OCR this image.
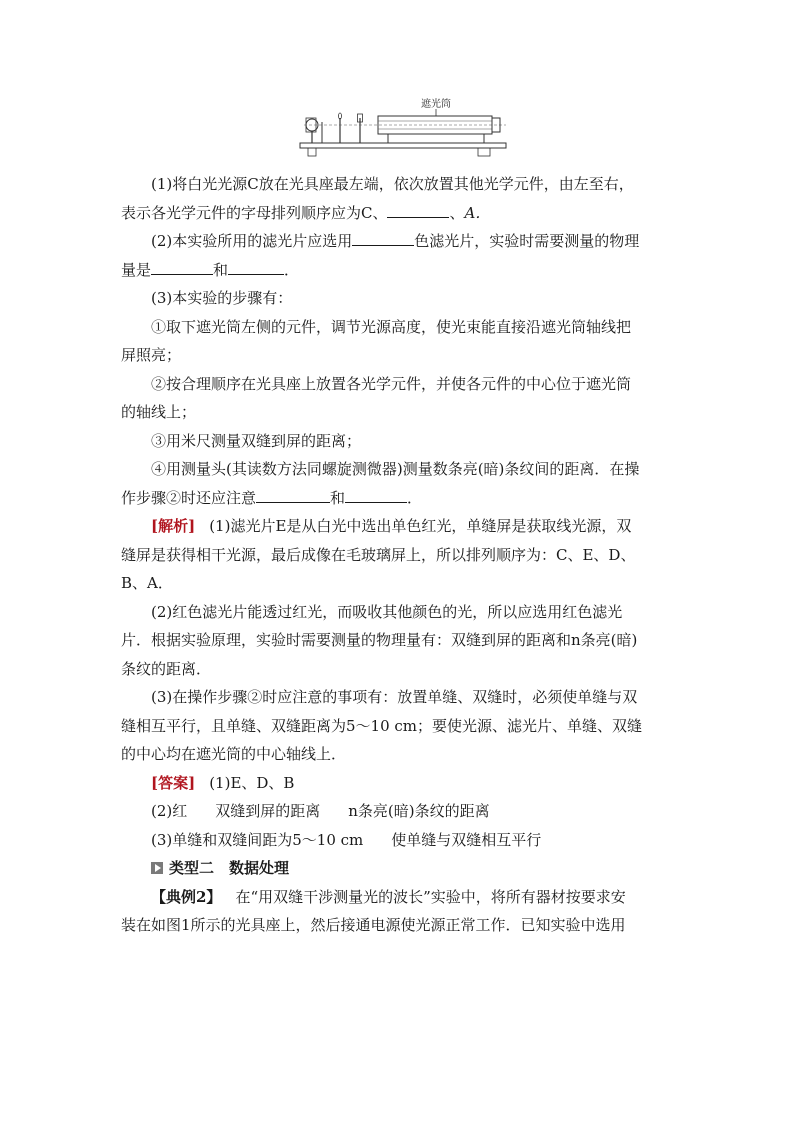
遮光筒

(1)将白光光源C放在光具座最左端，依次放置其他光学元件，由左至右，

表示各光学元件的字母排列顺序应为C、	、A．

(2)本实验所用的滤光片应选用	色滤光片，实验时需要测量的物理

量是	和	．

(3)本实验的步骤有：

①取下遮光筒左侧的元件，调节光源高度，使光束能直接沿遮光筒轴线把

屏照亮；

②按合理顺序在光具座上放置各光学元件，并使各元件的中心位于遮光筒

的轴线上；

③用米尺测量双缝到屏的距离；

④用测量头(其读数方法同螺旋测微器)测量数条亮(暗)条纹间的距离．在操

作步骤②时还应注意	和	．

[解析] (1)滤光片E是从白光中选出单色红光，单缝屏是获取线光源，双

缝屏是获得相干光源，最后成像在毛玻璃屏上，所以排列顺序为：C、E、D、

B、A．

(2)红色滤光片能透过红光，而吸收其他颜色的光，所以应选用红色滤光

片．根据实验原理，实验时需要测量的物理量有：双缝到屏的距离和n条亮(暗)

条纹的距离．

(3)在操作步骤②时应注意的事项有：放置单缝、双缝时，必须使单缝与双

缝相互平行，且单缝、双缝距离为5～10 cm；要使光源、滤光片、单缝、双缝

的中心均在遮光筒的中心轴线上．

[答案] (1)E、D、B

(2)红 双缝到屏的距离 n条亮(暗)条纹的距离

(3)单缝和双缝间距为5～10 cm 使单缝与双缝相互平行

类型二　数据处理

【典例2】 在“用双缝干涉测量光的波长”实验中，将所有器材按要求安

装在如图1所示的光具座上，然后接通电源使光源正常工作．已知实验中选用
